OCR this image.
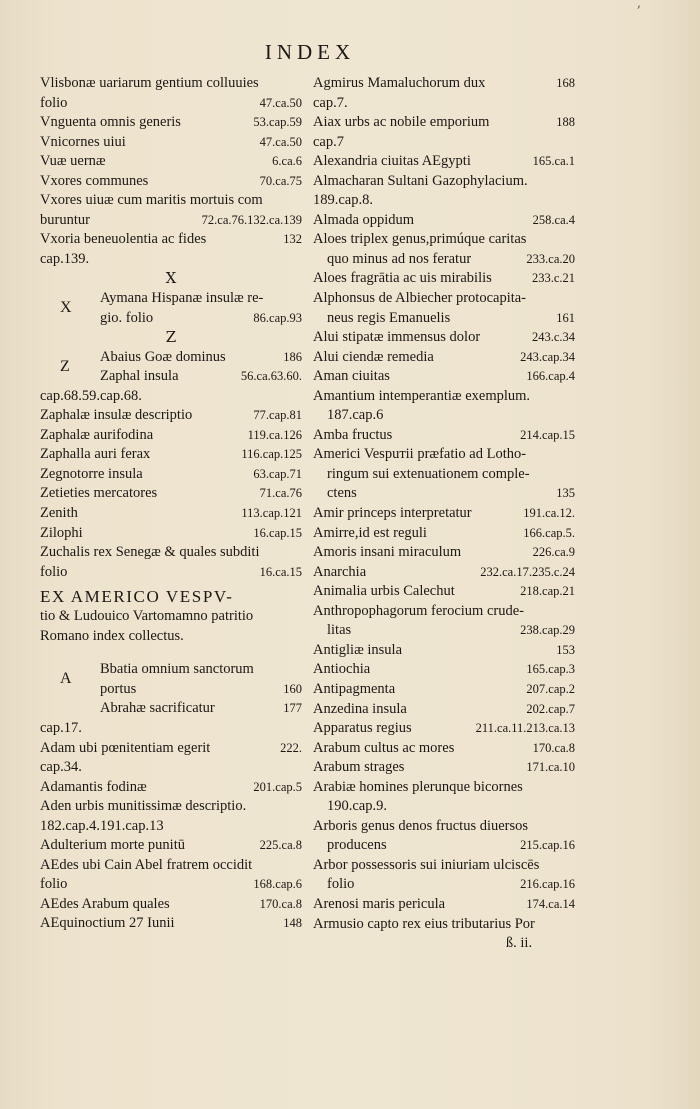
ʼ
INDEX
Vlisbonæ uariarum gentium colluuies
folio	47.ca.50
Vnguenta omnis generis	53.cap.59
Vnicornes uiui	47.ca.50
Vuæ uernæ	6.ca.6
Vxores communes	70.ca.75
Vxores uiuæ cum maritis mortuis com
buruntur	72.ca.76.132.ca.139
Vxoria beneuolentia ac fides	132
cap.139.
X
X
Aymana Hispanæ insulæ re-
gio. folio	86.cap.93
Z
Z
Abaius Goæ dominus	186
Zaphal insula	56.ca.63.60.
cap.68.59.cap.68.
Zaphalæ insulæ descriptio	77.cap.81
Zaphalæ aurifodina	119.ca.126
Zaphalla auri ferax	116.cap.125
Zegnotorre insula	63.cap.71
Zetieties mercatores	71.ca.76
Zenith	113.cap.121
Zilophi	16.cap.15
Zuchalis rex Senegæ & quales subditi
folio	16.ca.15
EX AMERICO VESPV-
tio & Ludouico Vartomamno patritio
Romano index collectus.
A
Bbatia omnium sanctorum
portus	160
Abrahæ sacrificatur	177
cap.17.
Adam ubi pœnitentiam egerit	222.
cap.34.
Adamantis fodinæ	201.cap.5
Aden urbis munitissimæ descriptio.
182.cap.4.191.cap.13
Adulterium morte punitū	225.ca.8
AEdes ubi Cain Abel fratrem occidit
folio	168.cap.6
AEdes Arabum quales	170.ca.8
AEquinoctium 27 Iunii	148
Agmirus Mamaluchorum dux	168
cap.7.
Aiax urbs ac nobile emporium	188
cap.7
Alexandria ciuitas AEgypti	165.ca.1
Almacharan Sultani Gazophylacium.
189.cap.8.
Almada oppidum	258.ca.4
Aloes triplex genus,primúque caritas
quo minus ad nos feratur	233.ca.20
Aloes fragrātia ac uis mirabilis	233.c.21
Alphonsus de Albiecher protocapita-
neus regis Emanuelis	161
Alui stipatæ immensus dolor	243.c.34
Alui ciendæ remedia	243.cap.34
Aman ciuitas	166.cap.4
Amantium intemperantiæ exemplum.
187.cap.6
Amba fructus	214.cap.15
Americi Vespuтii præfatio ad Lotho-
ringum sui extenuationem comple-
ctens	135
Amir princeps interpretatur	191.ca.12.
Amirre,id est reguli	166.cap.5.
Amoris insani miraculum	226.ca.9
Anarchia	232.ca.17.235.c.24
Animalia urbis Calechut	218.cap.21
Anthropophagorum ferocium crude-
litas	238.cap.29
Antigliæ insula	153
Antiochia	165.cap.3
Antipagmenta	207.cap.2
Anzedina insula	202.cap.7
Apparatus regius	211.ca.11.213.ca.13
Arabum cultus ac mores	170.ca.8
Arabum strages	171.ca.10
Arabiæ homines plerunque bicornes
190.cap.9.
Arboris genus denos fructus diuersos
producens	215.cap.16
Arbor possessoris sui iniuriam ulciscēs
folio	216.cap.16
Arenosi maris pericula	174.ca.14
Armusio capto rex eius tributarius Por
ß. ii.
